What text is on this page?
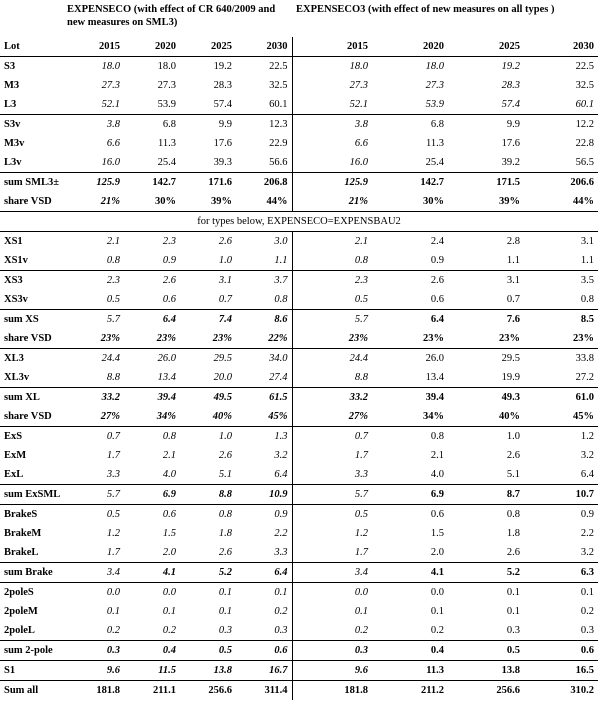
EXPENSECO (with effect of CR 640/2009 and new measures on SML3)
EXPENSECO3 (with effect of new measures on all types )
Lot	2015	2020	2025	2030	2015	2020	2025	2030
S3	18.0	18.0	19.2	22.5	18.0	18.0	19.2	22.5
M3	27.3	27.3	28.3	32.5	27.3	27.3	28.3	32.5
L3	52.1	53.9	57.4	60.1	52.1	53.9	57.4	60.1
S3v	3.8	6.8	9.9	12.3	3.8	6.8	9.9	12.2
M3v	6.6	11.3	17.6	22.9	6.6	11.3	17.6	22.8
L3v	16.0	25.4	39.3	56.6	16.0	25.4	39.2	56.5
sum SML3±	125.9	142.7	171.6	206.8	125.9	142.7	171.5	206.6
share VSD	21%	30%	39%	44%	21%	30%	39%	44%
for types below, EXPENSECO=EXPENSBAU2								
XS1	2.1	2.3	2.6	3.0	2.1	2.4	2.8	3.1
XS1v	0.8	0.9	1.0	1.1	0.8	0.9	1.1	1.1
XS3	2.3	2.6	3.1	3.7	2.3	2.6	3.1	3.5
XS3v	0.5	0.6	0.7	0.8	0.5	0.6	0.7	0.8
sum XS	5.7	6.4	7.4	8.6	5.7	6.4	7.6	8.5
share VSD	23%	23%	23%	22%	23%	23%	23%	23%
XL3	24.4	26.0	29.5	34.0	24.4	26.0	29.5	33.8
XL3v	8.8	13.4	20.0	27.4	8.8	13.4	19.9	27.2
sum XL	33.2	39.4	49.5	61.5	33.2	39.4	49.3	61.0
share VSD	27%	34%	40%	45%	27%	34%	40%	45%
ExS	0.7	0.8	1.0	1.3	0.7	0.8	1.0	1.2
ExM	1.7	2.1	2.6	3.2	1.7	2.1	2.6	3.2
ExL	3.3	4.0	5.1	6.4	3.3	4.0	5.1	6.4
sum ExSML	5.7	6.9	8.8	10.9	5.7	6.9	8.7	10.7
BrakeS	0.5	0.6	0.8	0.9	0.5	0.6	0.8	0.9
BrakeM	1.2	1.5	1.8	2.2	1.2	1.5	1.8	2.2
BrakeL	1.7	2.0	2.6	3.3	1.7	2.0	2.6	3.2
sum Brake	3.4	4.1	5.2	6.4	3.4	4.1	5.2	6.3
2poleS	0.0	0.0	0.1	0.1	0.0	0.0	0.1	0.1
2poleM	0.1	0.1	0.1	0.2	0.1	0.1	0.1	0.2
2poleL	0.2	0.2	0.3	0.3	0.2	0.2	0.3	0.3
sum 2-pole	0.3	0.4	0.5	0.6	0.3	0.4	0.5	0.6
S1	9.6	11.5	13.8	16.7	9.6	11.3	13.8	16.5
Sum all	181.8	211.1	256.6	311.4	181.8	211.2	256.6	310.2
